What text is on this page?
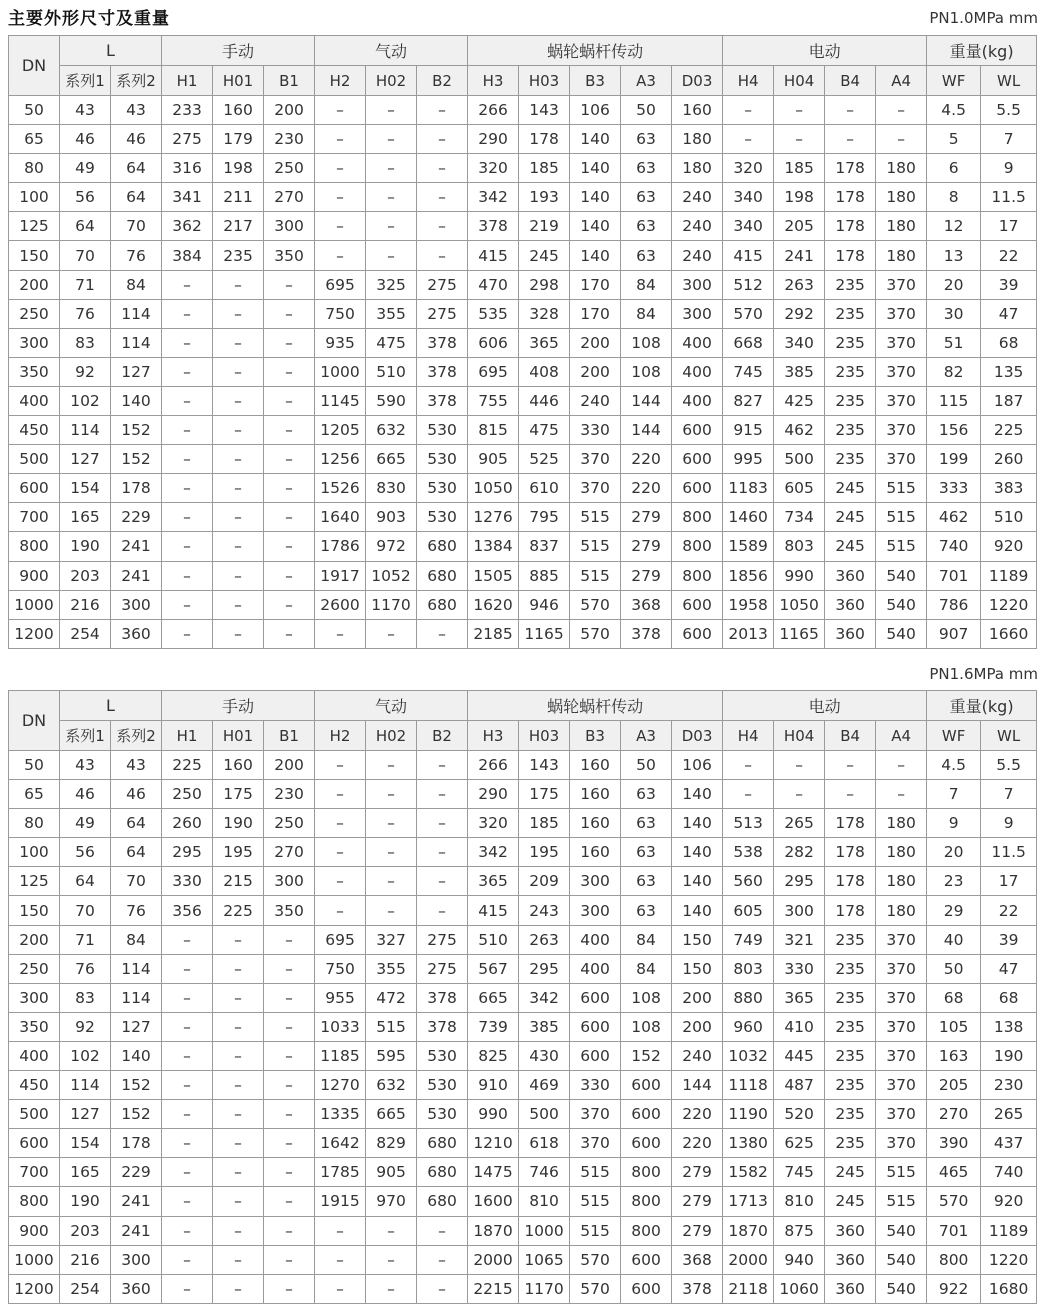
主要外形尺寸及重量	PN1.0MPa mm
DN	L		手动			气动			蜗轮蜗杆传动					电动				重量(kg)	
	系列1	系列2	H1	H01	B1	H2	H02	B2	H3	H03	B3	A3	D03	H4	H04	B4	A4	WF	WL
50	43	43	233	160	200	–	–	–	266	143	106	50	160	–	–	–	–	4.5	5.5
65	46	46	275	179	230	–	–	–	290	178	140	63	180	–	–	–	–	5	7
80	49	64	316	198	250	–	–	–	320	185	140	63	180	320	185	178	180	6	9
100	56	64	341	211	270	–	–	–	342	193	140	63	240	340	198	178	180	8	11.5
125	64	70	362	217	300	–	–	–	378	219	140	63	240	340	205	178	180	12	17
150	70	76	384	235	350	–	–	–	415	245	140	63	240	415	241	178	180	13	22
200	71	84	–	–	–	695	325	275	470	298	170	84	300	512	263	235	370	20	39
250	76	114	–	–	–	750	355	275	535	328	170	84	300	570	292	235	370	30	47
300	83	114	–	–	–	935	475	378	606	365	200	108	400	668	340	235	370	51	68
350	92	127	–	–	–	1000	510	378	695	408	200	108	400	745	385	235	370	82	135
400	102	140	–	–	–	1145	590	378	755	446	240	144	400	827	425	235	370	115	187
450	114	152	–	–	–	1205	632	530	815	475	330	144	600	915	462	235	370	156	225
500	127	152	–	–	–	1256	665	530	905	525	370	220	600	995	500	235	370	199	260
600	154	178	–	–	–	1526	830	530	1050	610	370	220	600	1183	605	245	515	333	383
700	165	229	–	–	–	1640	903	530	1276	795	515	279	800	1460	734	245	515	462	510
800	190	241	–	–	–	1786	972	680	1384	837	515	279	800	1589	803	245	515	740	920
900	203	241	–	–	–	1917	1052	680	1505	885	515	279	800	1856	990	360	540	701	1189
1000	216	300	–	–	–	2600	1170	680	1620	946	570	368	600	1958	1050	360	540	786	1220
1200	254	360	–	–	–	–	–	–	2185	1165	570	378	600	2013	1165	360	540	907	1660
PN1.6MPa mm
DN	L		手动			气动			蜗轮蜗杆传动					电动				重量(kg)	
	系列1	系列2	H1	H01	B1	H2	H02	B2	H3	H03	B3	A3	D03	H4	H04	B4	A4	WF	WL
50	43	43	225	160	200	–	–	–	266	143	160	50	106	–	–	–	–	4.5	5.5
65	46	46	250	175	230	–	–	–	290	175	160	63	140	–	–	–	–	7	7
80	49	64	260	190	250	–	–	–	320	185	160	63	140	513	265	178	180	9	9
100	56	64	295	195	270	–	–	–	342	195	160	63	140	538	282	178	180	20	11.5
125	64	70	330	215	300	–	–	–	365	209	300	63	140	560	295	178	180	23	17
150	70	76	356	225	350	–	–	–	415	243	300	63	140	605	300	178	180	29	22
200	71	84	–	–	–	695	327	275	510	263	400	84	150	749	321	235	370	40	39
250	76	114	–	–	–	750	355	275	567	295	400	84	150	803	330	235	370	50	47
300	83	114	–	–	–	955	472	378	665	342	600	108	200	880	365	235	370	68	68
350	92	127	–	–	–	1033	515	378	739	385	600	108	200	960	410	235	370	105	138
400	102	140	–	–	–	1185	595	530	825	430	600	152	240	1032	445	235	370	163	190
450	114	152	–	–	–	1270	632	530	910	469	330	600	144	1118	487	235	370	205	230
500	127	152	–	–	–	1335	665	530	990	500	370	600	220	1190	520	235	370	270	265
600	154	178	–	–	–	1642	829	680	1210	618	370	600	220	1380	625	235	370	390	437
700	165	229	–	–	–	1785	905	680	1475	746	515	800	279	1582	745	245	515	465	740
800	190	241	–	–	–	1915	970	680	1600	810	515	800	279	1713	810	245	515	570	920
900	203	241	–	–	–	–	–	–	1870	1000	515	800	279	1870	875	360	540	701	1189
1000	216	300	–	–	–	–	–	–	2000	1065	570	600	368	2000	940	360	540	800	1220
1200	254	360	–	–	–	–	–	–	2215	1170	570	600	378	2118	1060	360	540	922	1680
